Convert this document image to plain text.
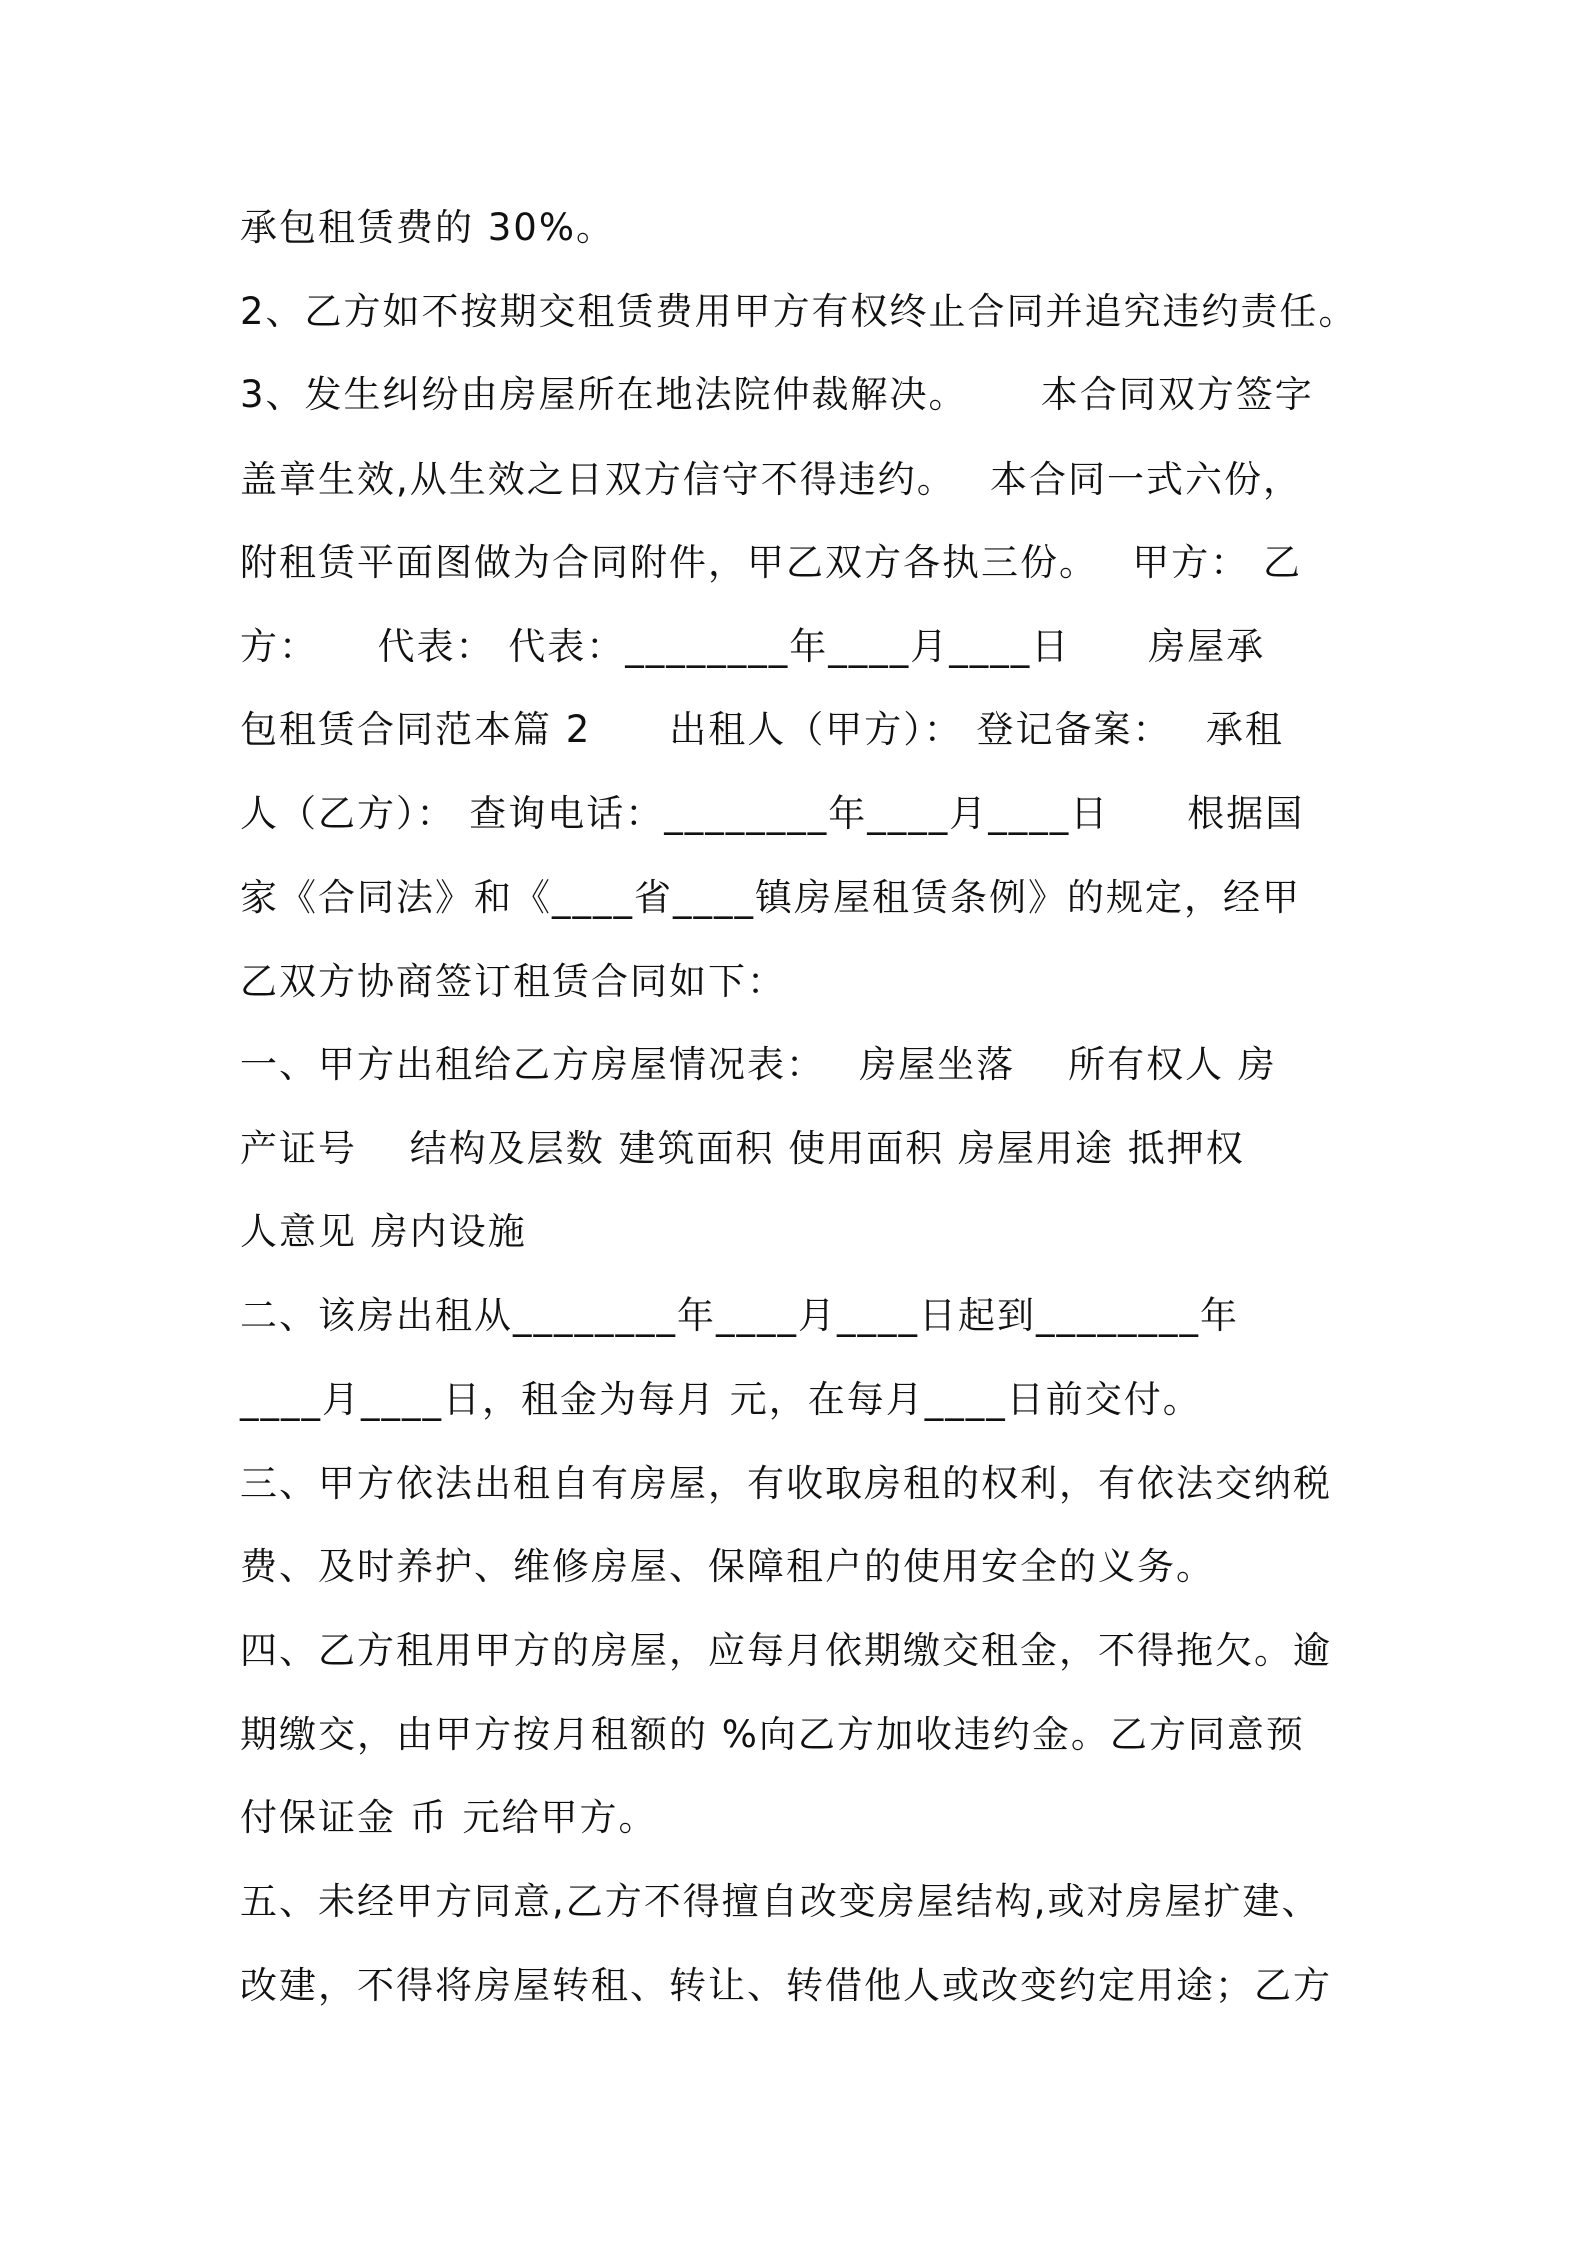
承包租赁费的 30%。

2、乙方如不按期交租赁费用甲方有权终止合同并追究违约责任。

3、发生纠纷由房屋所在地法院仲裁解决。　　 本合同双方签字

盖章生效,从生效之日双方信守不得违约。　 本合同一式六份，

附租赁平面图做为合同附件，甲乙双方各执三份。　 甲方： 乙

方：　　代表： 代表：________年____月____日　　房屋承

包租赁合同范本篇 2　　出租人（甲方）： 登记备案：　 承租

人（乙方）： 查询电话：________年____月____日　　根据国

家《合同法》和《____省____镇房屋租赁条例》的规定，经甲

乙双方协商签订租赁合同如下：

一、甲方出租给乙方房屋情况表：　 房屋坐落　 所有权人 房

产证号　 结构及层数 建筑面积 使用面积 房屋用途 抵押权

人意见 房内设施

二、该房出租从________年____月____日起到________年

____月____日，租金为每月 元，在每月____日前交付。

三、甲方依法出租自有房屋，有收取房租的权利，有依法交纳税

费、及时养护、维修房屋、保障租户的使用安全的义务。

四、乙方租用甲方的房屋，应每月依期缴交租金，不得拖欠。逾

期缴交，由甲方按月租额的 %向乙方加收违约金。乙方同意预

付保证金 币 元给甲方。

五、未经甲方同意,乙方不得擅自改变房屋结构,或对房屋扩建、

改建，不得将房屋转租、转让、转借他人或改变约定用途；乙方
